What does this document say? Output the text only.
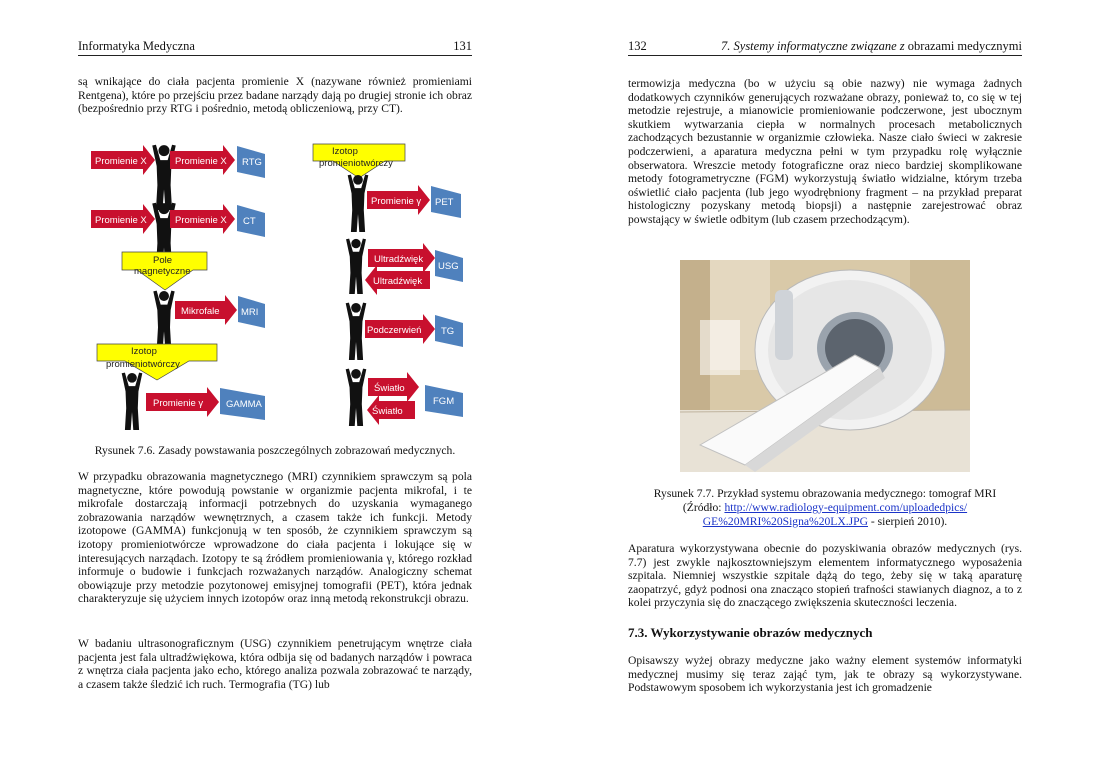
Informatyka Medyczna	131

są wnikające do ciała pacjenta promienie X (nazywane również promieniami Rentgena), które po przejściu przez badane narządy dają po drugiej stronie ich obraz (bezpośrednio przy RTG i pośrednio, metodą obliczeniową, przy CT).

Promienie X	Promienie X RTG
Promienie X	Promienie X CT
Pole
magnetyczne
Mikrofale MRI
Izotop
promieniotwórczy
Promienie γ GAMMA
Izotop
promieniotwórczy
Promienie γ PET
Ultradźwięk
Ultradźwięk
USG
Podczerwień TG
Światło
Światło
FGM

Rysunek 7.6. Zasady powstawania poszczególnych zobrazowań medycznych.

W przypadku obrazowania magnetycznego (MRI) czynnikiem sprawczym są pola magnetyczne, które powodują powstanie w organizmie pacjenta mikrofal, i te mikrofale dostarczają informacji potrzebnych do uzyskania wymaganego zobrazowania narządów wewnętrznych, a czasem także ich funkcji. Metody izotopowe (GAMMA) funkcjonują w ten sposób, że czynnikiem sprawczym są izotopy promieniotwórcze wprowadzone do ciała pacjenta i lokujące się w interesujących narządach. Izotopy te są źródłem promieniowania γ, którego rozkład informuje o budowie i funkcjach rozważanych narządów. Analogiczny schemat obowiązuje przy metodzie pozytonowej emisyjnej tomografii (PET), która jednak charakteryzuje się użyciem innych izotopów oraz inną metodą rekonstrukcji obrazu.

W badaniu ultrasonograficznym (USG) czynnikiem penetrującym wnętrze ciała pacjenta jest fala ultradźwiękowa, która odbija się od badanych narządów i powraca z wnętrza ciała pacjenta jako echo, którego analiza pozwala zobrazować te narządy, a czasem także śledzić ich ruch. Termografia (TG) lub

132	7. Systemy informatyczne związane z obrazami medycznymi

termowizja medyczna (bo w użyciu są obie nazwy) nie wymaga żadnych dodatkowych czynników generujących rozważane obrazy, ponieważ to, co się w tej metodzie rejestruje, a mianowicie promieniowanie podczerwone, jest ubocznym skutkiem wytwarzania ciepła w normalnych procesach metabolicznych zachodzących bezustannie w organizmie człowieka. Nasze ciało świeci w zakresie podczerwieni, a aparatura medyczna pełni w tym przypadku rolę wyłącznie obserwatora. Wreszcie metody fotograficzne oraz nieco bardziej skomplikowane metody fotogrametryczne (FGM) wykorzystują światło widzialne, którym trzeba oświetlić ciało pacjenta (lub jego wyodrębniony fragment – na przykład preparat histologiczny pozyskany metodą biopsji) a następnie zarejestrować obraz powstający w świetle odbitym (lub czasem przechodzącym).

Rysunek 7.7. Przykład systemu obrazowania medycznego: tomograf MRI
(Źródło: http://www.radiology-equipment.com/uploadedpics/
GE%20MRI%20Signa%20LX.JPG - sierpień 2010).

Aparatura wykorzystywana obecnie do pozyskiwania obrazów medycznych (rys. 7.7) jest zwykle najkosztowniejszym elementem informatycznego wyposażenia szpitala. Niemniej wszystkie szpitale dążą do tego, żeby się w taką aparaturę zaopatrzyć, gdyż podnosi ona znacząco stopień trafności stawianych diagnoz, a to z kolei przyczynia się do znaczącego zwiększenia skuteczności leczenia.

7.3. Wykorzystywanie obrazów medycznych

Opisawszy wyżej obrazy medyczne jako ważny element systemów informatyki medycznej musimy się teraz zająć tym, jak te obrazy są wykorzystywane. Podstawowym sposobem ich wykorzystania jest ich gromadzenie
